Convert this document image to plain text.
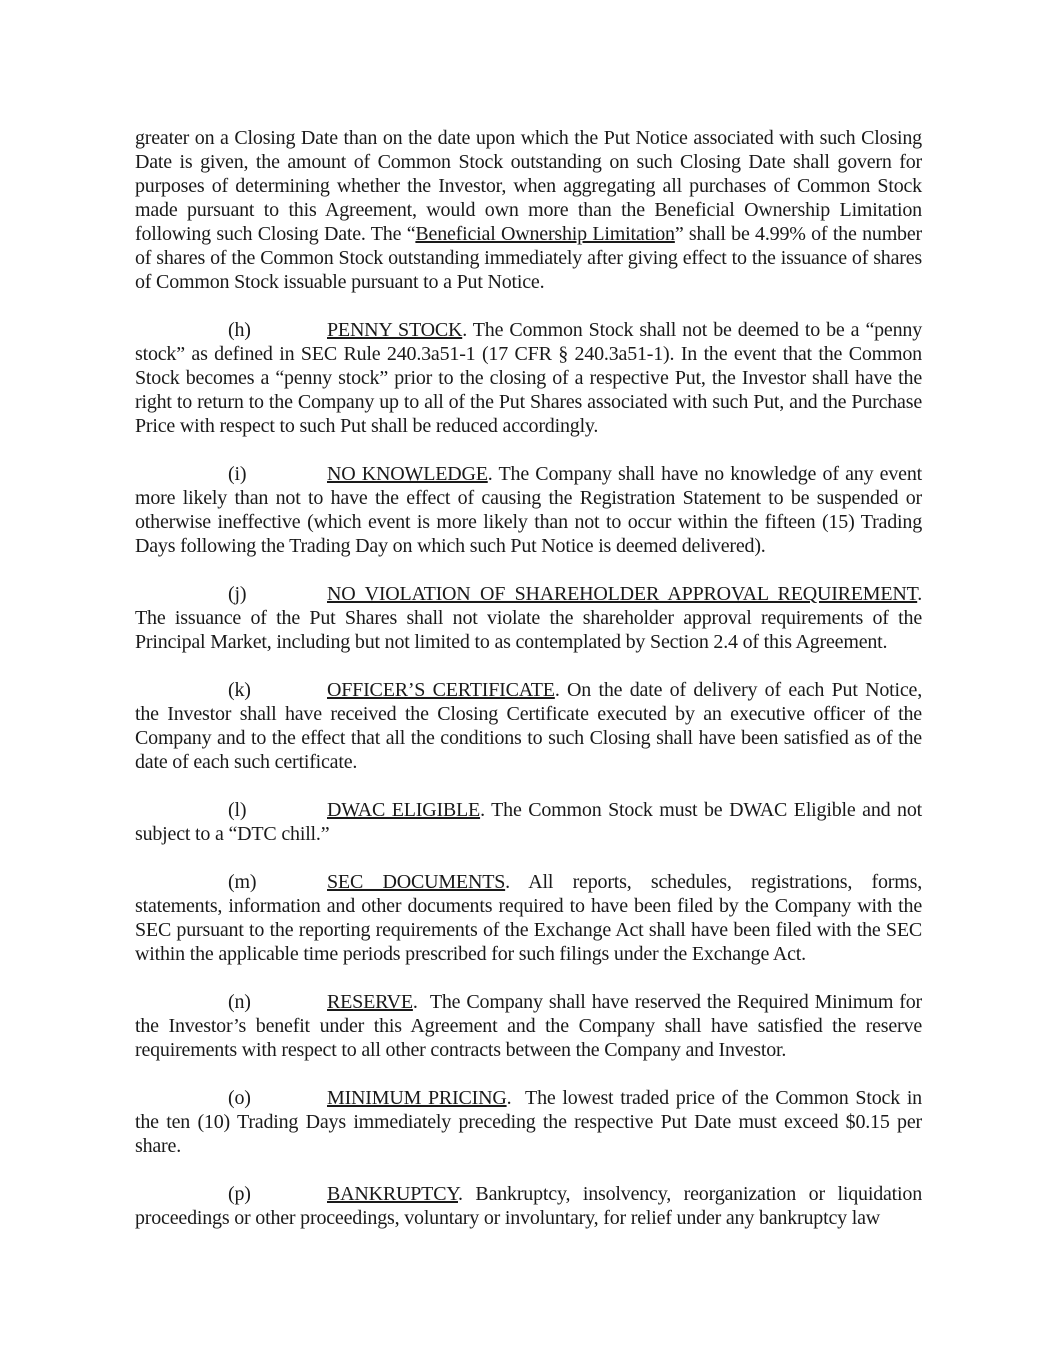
greater on a Closing Date than on the date upon which the Put Notice associated with such Closing Date is given, the amount of Common Stock outstanding on such Closing Date shall govern for purposes of determining whether the Investor, when aggregating all purchases of Common Stock made pursuant to this Agreement, would own more than the Beneficial Ownership Limitation following such Closing Date. The “Beneficial Ownership Limitation” shall be 4.99% of the number of shares of the Common Stock outstanding immediately after giving effect to the issuance of shares of Common Stock issuable pursuant to a Put Notice.

(h)	PENNY STOCK. The Common Stock shall not be deemed to be a “penny stock” as defined in SEC Rule 240.3a51-1 (17 CFR § 240.3a51-1). In the event that the Common Stock becomes a “penny stock” prior to the closing of a respective Put, the Investor shall have the right to return to the Company up to all of the Put Shares associated with such Put, and the Purchase Price with respect to such Put shall be reduced accordingly.

(i)	NO KNOWLEDGE. The Company shall have no knowledge of any event more likely than not to have the effect of causing the Registration Statement to be suspended or otherwise ineffective (which event is more likely than not to occur within the fifteen (15) Trading Days following the Trading Day on which such Put Notice is deemed delivered).

(j)	NO VIOLATION OF SHAREHOLDER APPROVAL REQUIREMENT. The issuance of the Put Shares shall not violate the shareholder approval requirements of the Principal Market, including but not limited to as contemplated by Section 2.4 of this Agreement.

(k)	OFFICER’S CERTIFICATE. On the date of delivery of each Put Notice, the Investor shall have received the Closing Certificate executed by an executive officer of the Company and to the effect that all the conditions to such Closing shall have been satisfied as of the date of each such certificate.

(l)	DWAC ELIGIBLE. The Common Stock must be DWAC Eligible and not subject to a “DTC chill.”

(m)	SEC DOCUMENTS. All reports, schedules, registrations, forms, statements, information and other documents required to have been filed by the Company with the SEC pursuant to the reporting requirements of the Exchange Act shall have been filed with the SEC within the applicable time periods prescribed for such filings under the Exchange Act.

(n)	RESERVE.  The Company shall have reserved the Required Minimum for the Investor’s benefit under this Agreement and the Company shall have satisfied the reserve requirements with respect to all other contracts between the Company and Investor.

(o)	MINIMUM PRICING.  The lowest traded price of the Common Stock in the ten (10) Trading Days immediately preceding the respective Put Date must exceed $0.15 per share.

(p)	BANKRUPTCY. Bankruptcy, insolvency, reorganization or liquidation proceedings or other proceedings, voluntary or involuntary, for relief under any bankruptcy law
